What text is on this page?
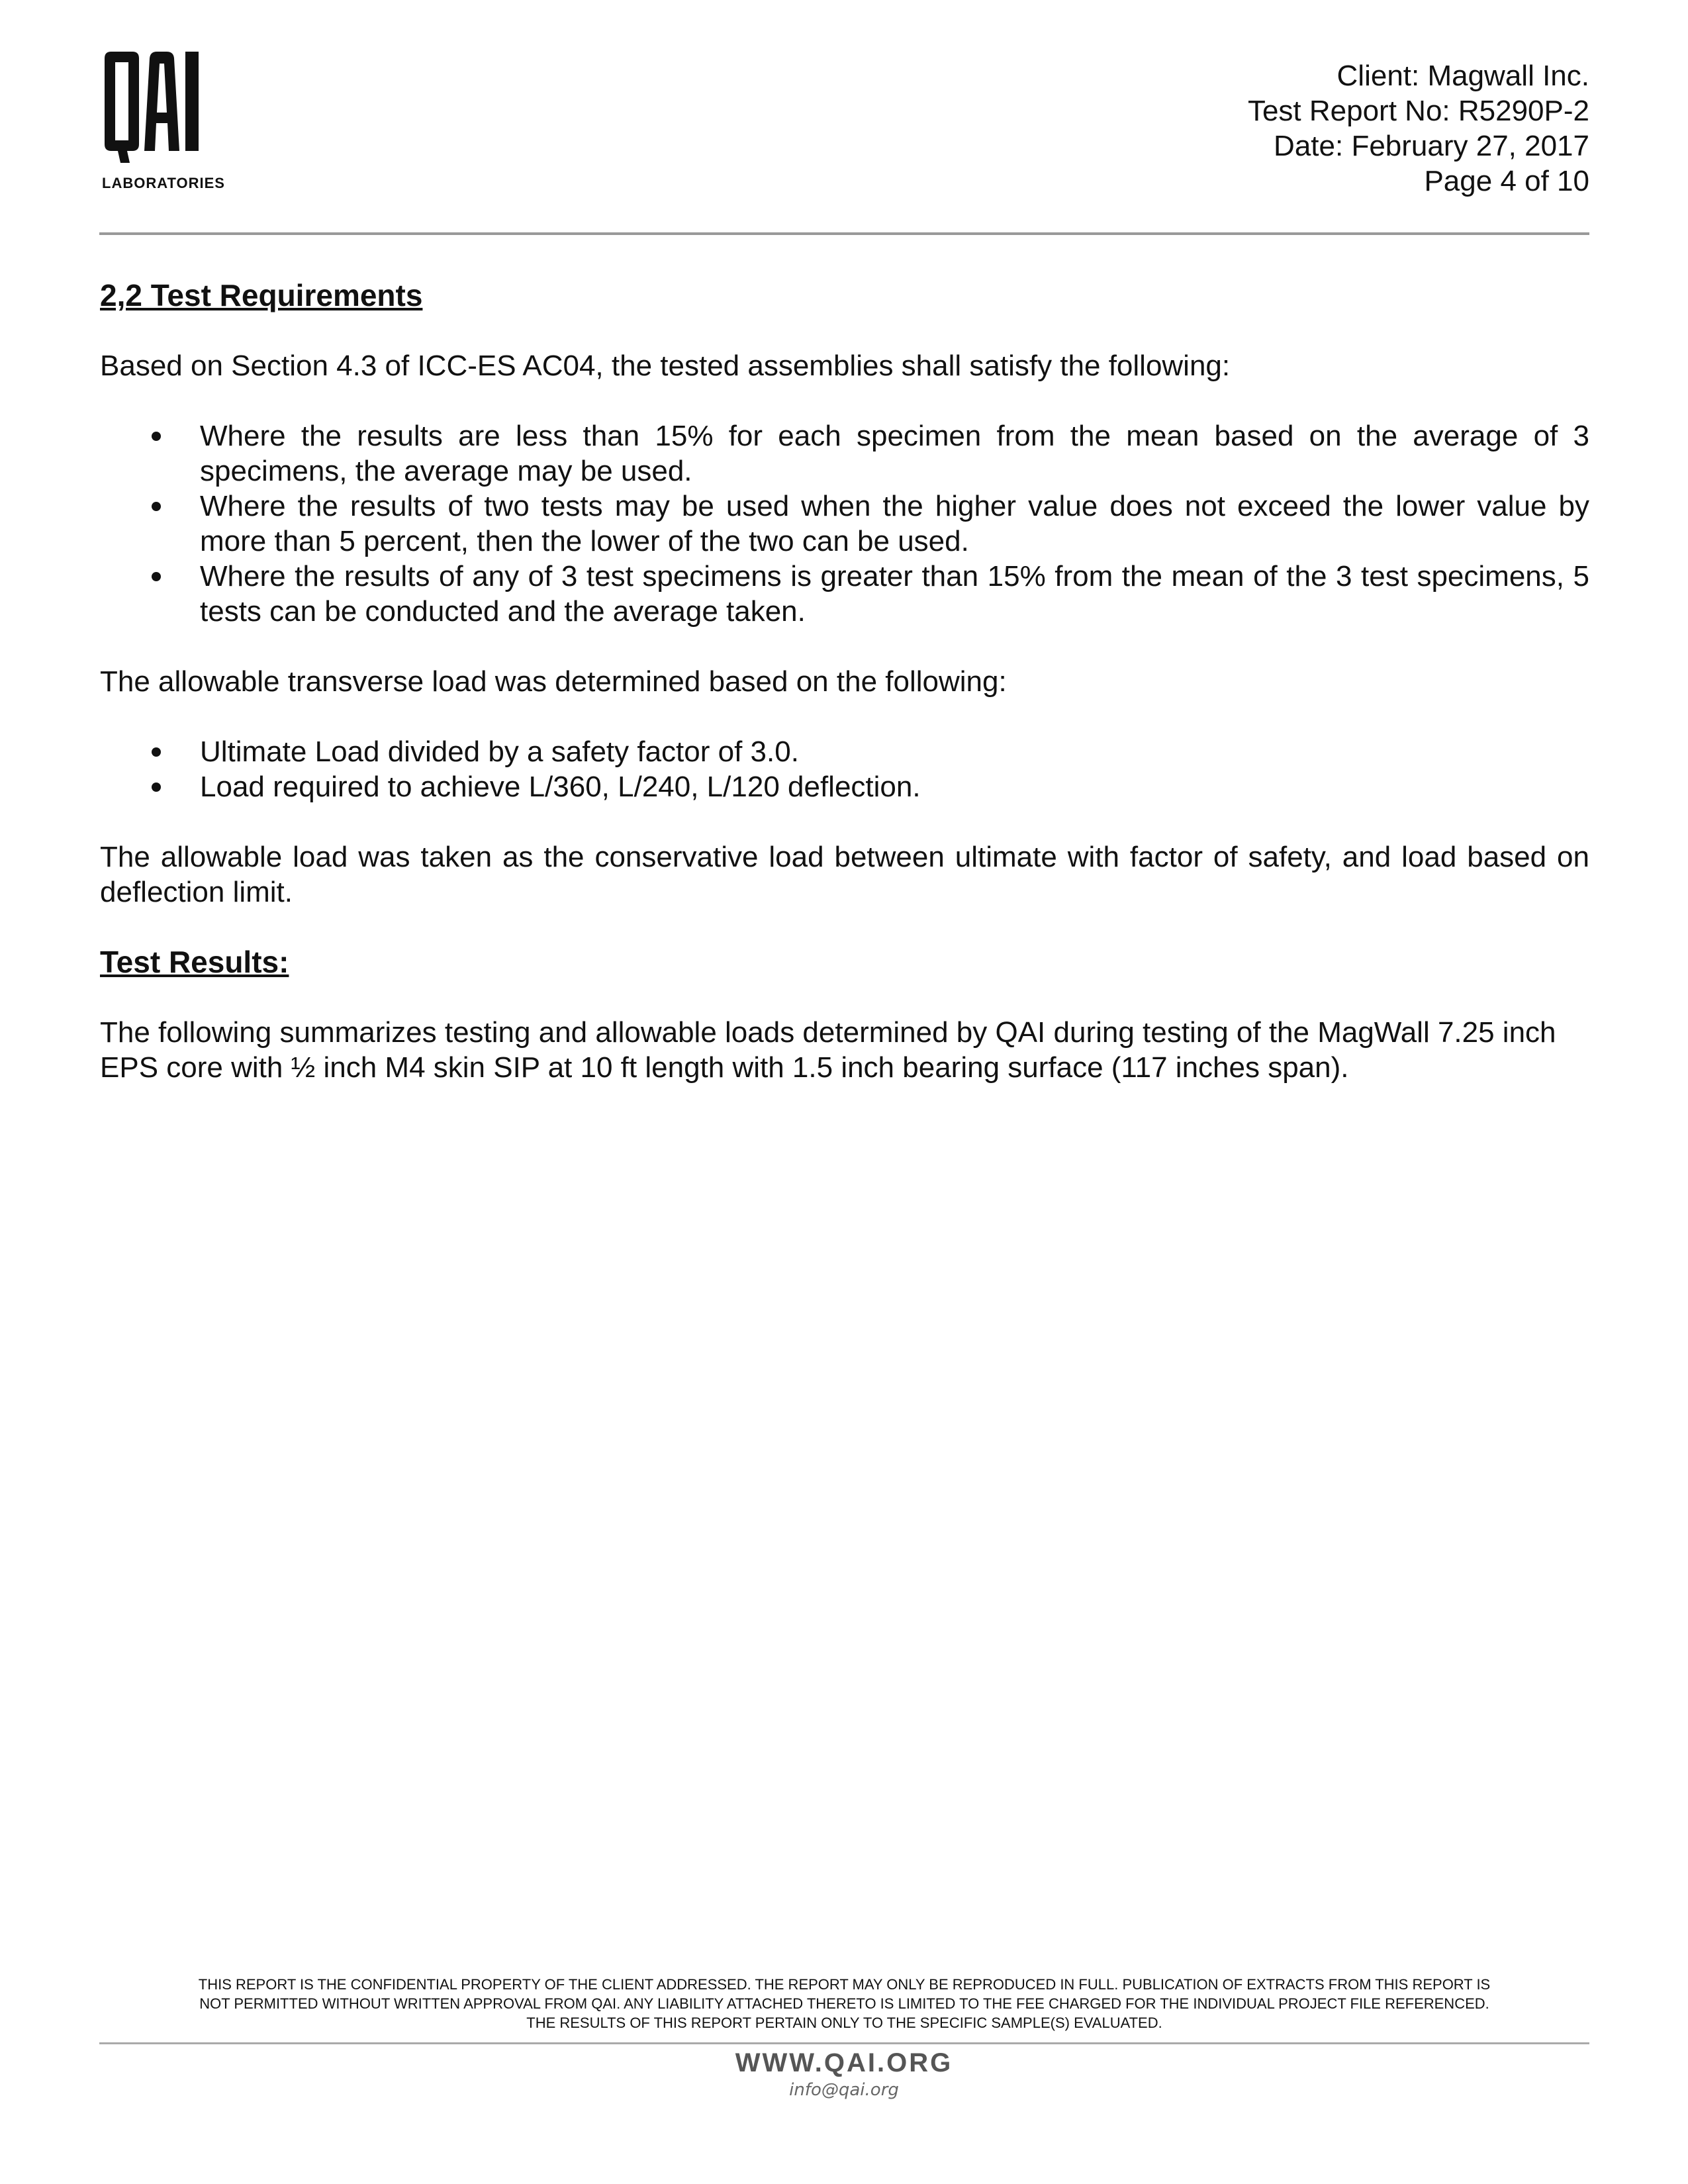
QAI
LABORATORIES
Client: Magwall Inc.
Test Report No: R5290P-2
Date: February 27, 2017
Page 4 of 10
2,2 Test Requirements

Based on Section 4.3 of ICC-ES AC04, the tested assemblies shall satisfy the following:

Where the results are less than 15% for each specimen from the mean based on the average of 3 specimens, the average may be used.
Where the results of two tests may be used when the higher value does not exceed the lower value by more than 5 percent, then the lower of the two can be used.
Where the results of any of 3 test specimens is greater than 15% from the mean of the 3 test specimens, 5 tests can be conducted and the average taken.

The allowable transverse load was determined based on the following:

Ultimate Load divided by a safety factor of 3.0.
Load required to achieve L/360, L/240, L/120 deflection.

The allowable load was taken as the conservative load between ultimate with factor of safety, and load based on deflection limit.

Test Results:

The following summarizes testing and allowable loads determined by QAI during testing of the MagWall 7.25 inch EPS core with ½ inch M4 skin SIP at 10 ft length with 1.5 inch bearing surface (117 inches span).

THIS REPORT IS THE CONFIDENTIAL PROPERTY OF THE CLIENT ADDRESSED. THE REPORT MAY ONLY BE REPRODUCED IN FULL. PUBLICATION OF EXTRACTS FROM THIS REPORT IS
NOT PERMITTED WITHOUT WRITTEN APPROVAL FROM QAI. ANY LIABILITY ATTACHED THERETO IS LIMITED TO THE FEE CHARGED FOR THE INDIVIDUAL PROJECT FILE REFERENCED.
THE RESULTS OF THIS REPORT PERTAIN ONLY TO THE SPECIFIC SAMPLE(S) EVALUATED.
WWW.QAI.ORG
info@qai.org
